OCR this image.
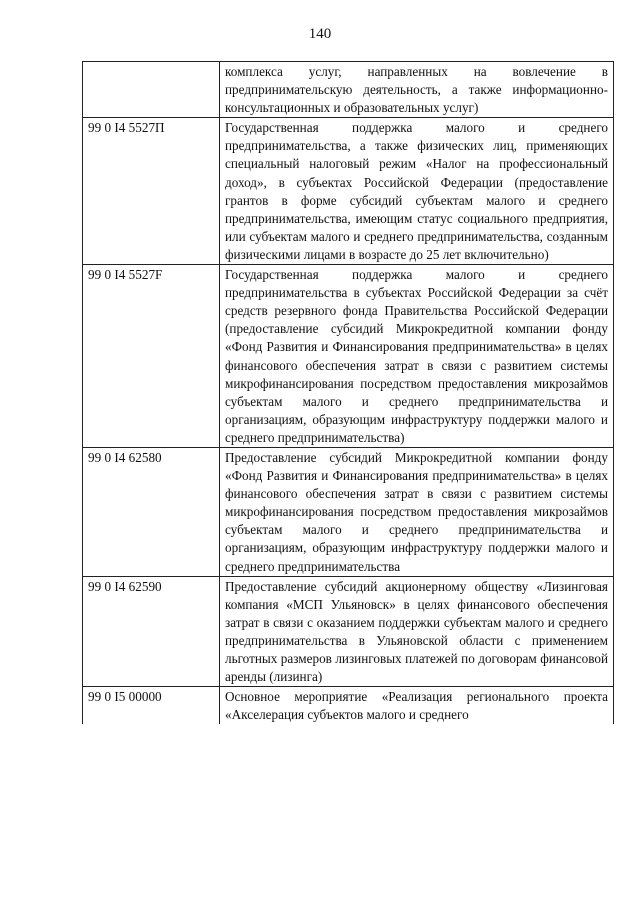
140
	комплекса услуг, направленных на вовлечение в предпринимательскую деятельность, а также информационно-консультационных и образовательных услуг)
99 0 I4 5527П	Государственная поддержка малого и среднего предпринимательства, а также физических лиц, применяющих специальный налоговый режим «Налог на профессиональный доход», в субъектах Российской Федерации (предоставление грантов в форме субсидий субъектам малого и среднего предпринимательства, имеющим статус социального предприятия, или субъектам малого и среднего предпринимательства, созданным физическими лицами в возрасте до 25 лет включительно)
99 0 I4 5527F	Государственная поддержка малого и среднего предпринимательства в субъектах Российской Федерации за счёт средств резервного фонда Правительства Российской Федерации (предоставление субсидий Микрокредитной компании фонду «Фонд Развития и Финансирования предпринимательства» в целях финансового обеспечения затрат в связи с развитием системы микрофинансирования посредством предоставления микрозаймов субъектам малого и среднего предпринимательства и организациям, образующим инфраструктуру поддержки малого и среднего предпринимательства)
99 0 I4 62580	Предоставление субсидий Микрокредитной компании фонду «Фонд Развития и Финансирования предпринимательства» в целях финансового обеспечения затрат в связи с развитием системы микрофинансирования посредством предоставления микрозаймов субъектам малого и среднего предпринимательства и организациям, образующим инфраструктуру поддержки малого и среднего предпринимательства
99 0 I4 62590	Предоставление субсидий акционерному обществу «Лизинговая компания «МСП Ульяновск» в целях финансового обеспечения затрат в связи с оказанием поддержки субъектам малого и среднего предпринимательства в Ульяновской области с применением льготных размеров лизинговых платежей по договорам финансовой аренды (лизинга)
99 0 I5 00000	Основное мероприятие «Реализация регионального проекта «Акселерация субъектов малого и среднего
